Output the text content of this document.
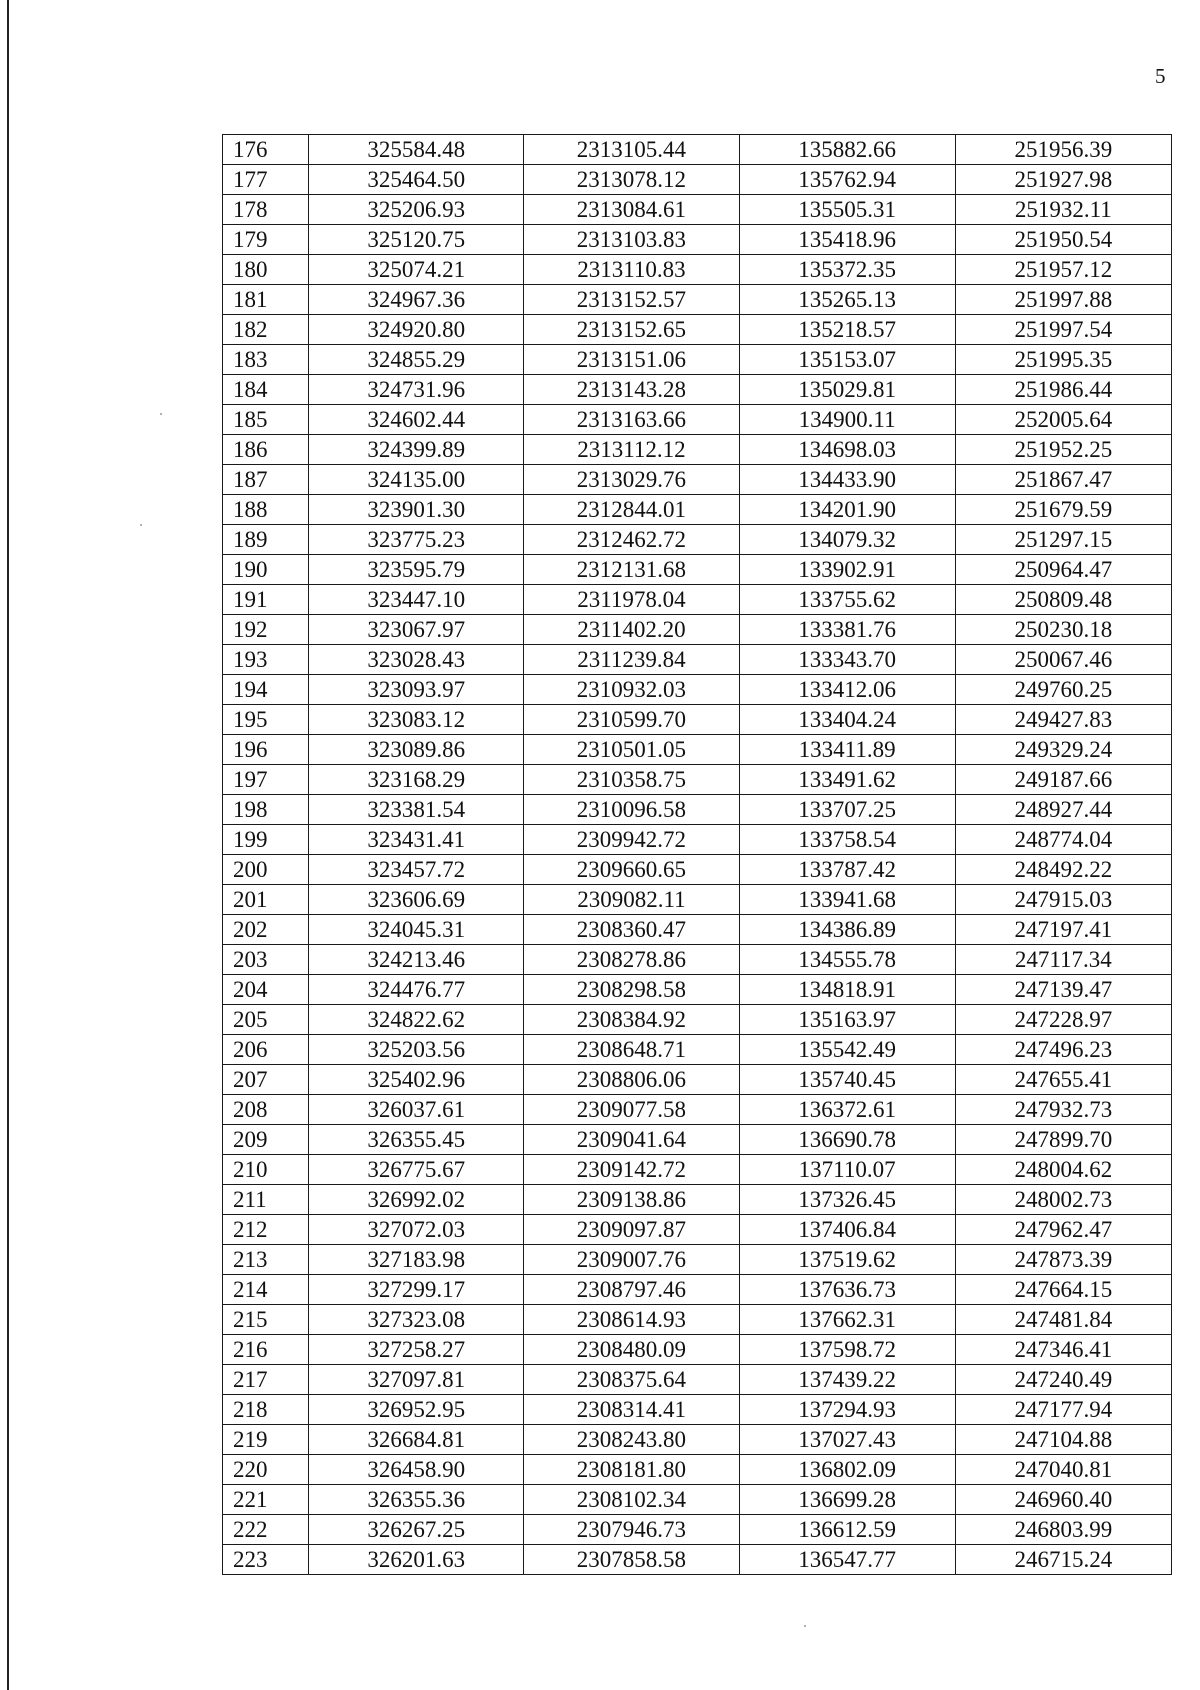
5
176	325584.48	2313105.44	135882.66	251956.39
177	325464.50	2313078.12	135762.94	251927.98
178	325206.93	2313084.61	135505.31	251932.11
179	325120.75	2313103.83	135418.96	251950.54
180	325074.21	2313110.83	135372.35	251957.12
181	324967.36	2313152.57	135265.13	251997.88
182	324920.80	2313152.65	135218.57	251997.54
183	324855.29	2313151.06	135153.07	251995.35
184	324731.96	2313143.28	135029.81	251986.44
185	324602.44	2313163.66	134900.11	252005.64
186	324399.89	2313112.12	134698.03	251952.25
187	324135.00	2313029.76	134433.90	251867.47
188	323901.30	2312844.01	134201.90	251679.59
189	323775.23	2312462.72	134079.32	251297.15
190	323595.79	2312131.68	133902.91	250964.47
191	323447.10	2311978.04	133755.62	250809.48
192	323067.97	2311402.20	133381.76	250230.18
193	323028.43	2311239.84	133343.70	250067.46
194	323093.97	2310932.03	133412.06	249760.25
195	323083.12	2310599.70	133404.24	249427.83
196	323089.86	2310501.05	133411.89	249329.24
197	323168.29	2310358.75	133491.62	249187.66
198	323381.54	2310096.58	133707.25	248927.44
199	323431.41	2309942.72	133758.54	248774.04
200	323457.72	2309660.65	133787.42	248492.22
201	323606.69	2309082.11	133941.68	247915.03
202	324045.31	2308360.47	134386.89	247197.41
203	324213.46	2308278.86	134555.78	247117.34
204	324476.77	2308298.58	134818.91	247139.47
205	324822.62	2308384.92	135163.97	247228.97
206	325203.56	2308648.71	135542.49	247496.23
207	325402.96	2308806.06	135740.45	247655.41
208	326037.61	2309077.58	136372.61	247932.73
209	326355.45	2309041.64	136690.78	247899.70
210	326775.67	2309142.72	137110.07	248004.62
211	326992.02	2309138.86	137326.45	248002.73
212	327072.03	2309097.87	137406.84	247962.47
213	327183.98	2309007.76	137519.62	247873.39
214	327299.17	2308797.46	137636.73	247664.15
215	327323.08	2308614.93	137662.31	247481.84
216	327258.27	2308480.09	137598.72	247346.41
217	327097.81	2308375.64	137439.22	247240.49
218	326952.95	2308314.41	137294.93	247177.94
219	326684.81	2308243.80	137027.43	247104.88
220	326458.90	2308181.80	136802.09	247040.81
221	326355.36	2308102.34	136699.28	246960.40
222	326267.25	2307946.73	136612.59	246803.99
223	326201.63	2307858.58	136547.77	246715.24
